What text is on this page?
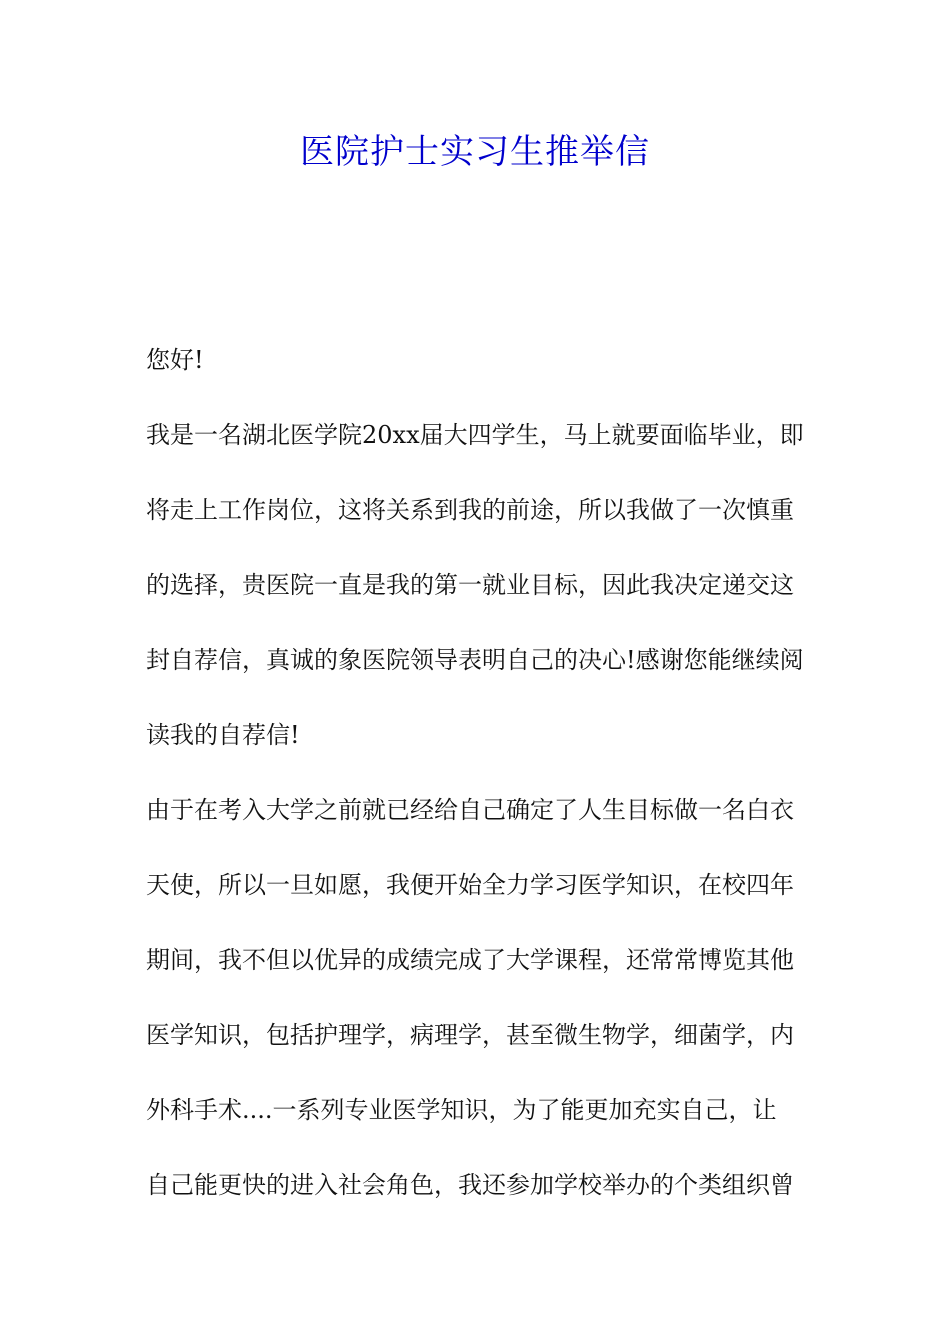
医院护士实习生推举信

您好!

我是一名湖北医学院20xx届大四学生，马上就要面临毕业，即

将走上工作岗位，这将关系到我的前途，所以我做了一次慎重

的选择，贵医院一直是我的第一就业目标，因此我决定递交这

封自荐信，真诚的象医院领导表明自己的决心!感谢您能继续阅

读我的自荐信!

由于在考入大学之前就已经给自己确定了人生目标做一名白衣

天使，所以一旦如愿，我便开始全力学习医学知识，在校四年

期间，我不但以优异的成绩完成了大学课程，还常常博览其他

医学知识，包括护理学，病理学，甚至微生物学，细菌学，内

外科手术....一系列专业医学知识，为了能更加充实自己，让

自己能更快的进入社会角色，我还参加学校举办的个类组织曾
